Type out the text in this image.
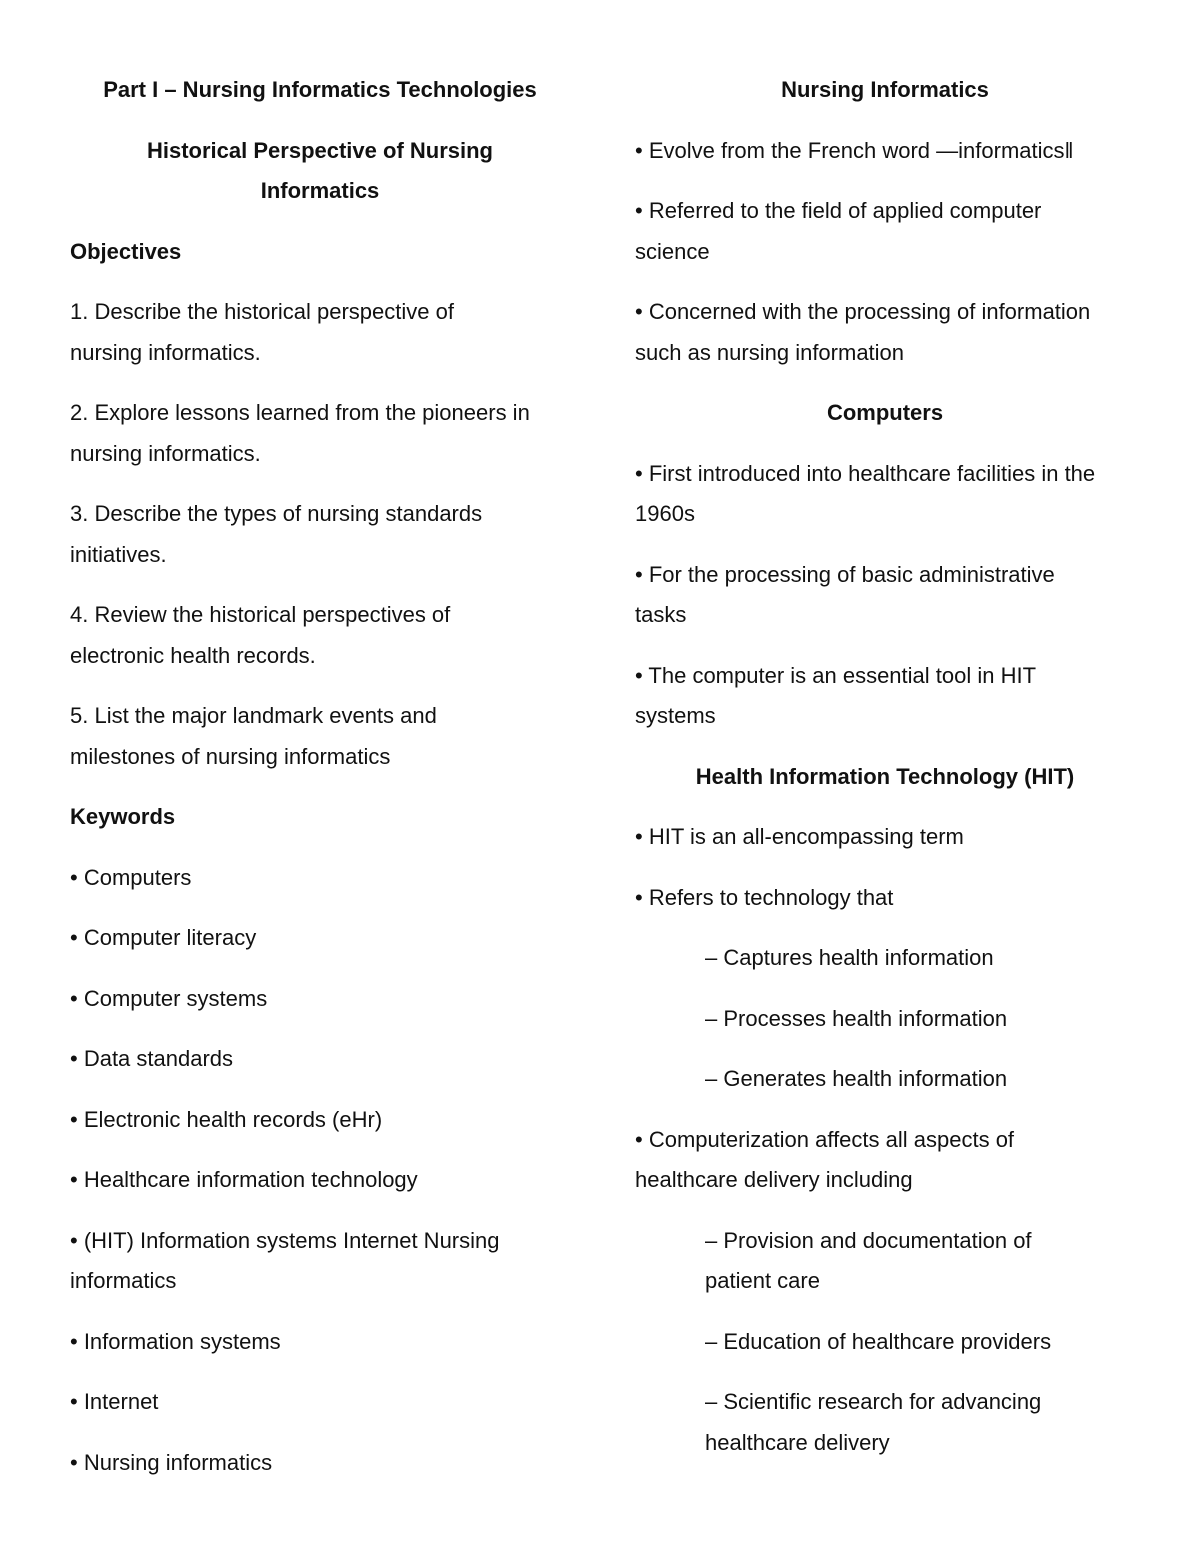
Part I – Nursing Informatics Technologies
Historical Perspective of Nursing
Informatics
Objectives
1. Describe the historical perspective of
nursing informatics.
2. Explore lessons learned from the pioneers in
nursing informatics.
3. Describe the types of nursing standards
initiatives.
4. Review the historical perspectives of
electronic health records.
5. List the major landmark events and
milestones of nursing informatics
Keywords
• Computers
• Computer literacy
• Computer systems
• Data standards
• Electronic health records (eHr)
• Healthcare information technology
• (HIT) Information systems Internet Nursing
informatics
• Information systems
• Internet
• Nursing informatics
Nursing Informatics
• Evolve from the French word —informatics‖
• Referred to the field of applied computer
science
• Concerned with the processing of information
such as nursing information
Computers
• First introduced into healthcare facilities in the
1960s
• For the processing of basic administrative
tasks
• The computer is an essential tool in HIT
systems
Health Information Technology (HIT)
• HIT is an all-encompassing term
• Refers to technology that
– Captures health information
– Processes health information
– Generates health information
• Computerization affects all aspects of
healthcare delivery including
– Provision and documentation of
patient care
– Education of healthcare providers
– Scientific research for advancing
healthcare delivery
